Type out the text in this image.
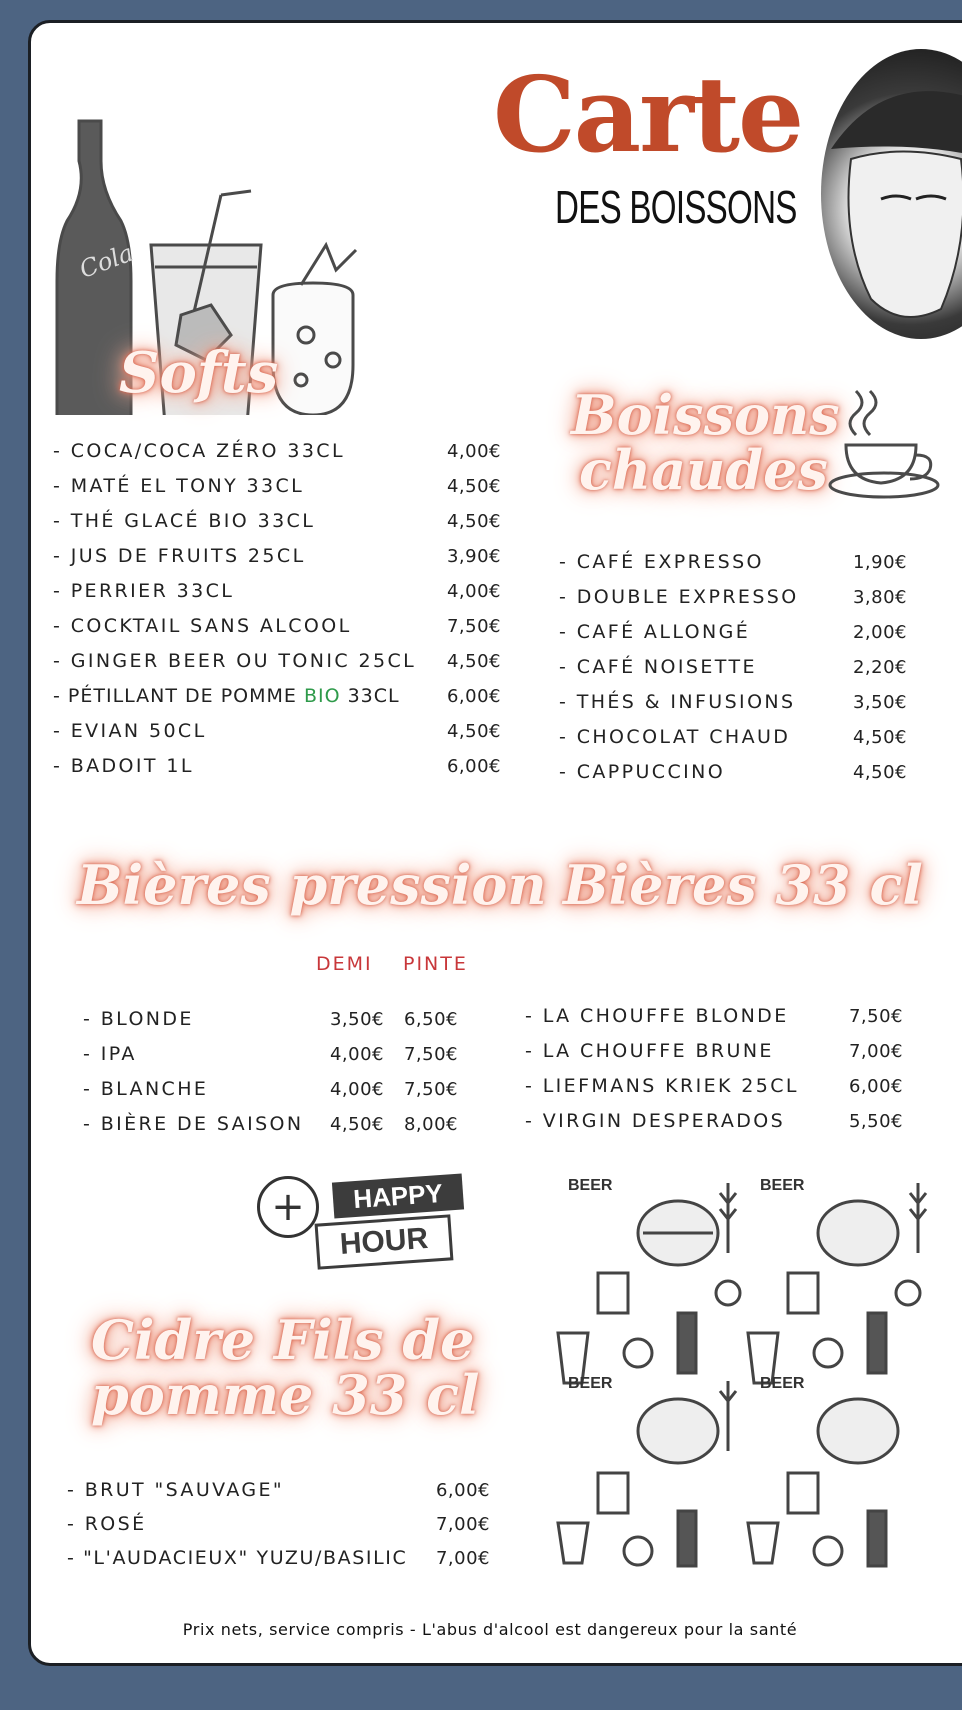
Cola
Carte
DES BOISSONS
Softs
- COCA/COCA ZÉRO 33CL	4,00€
- MATÉ EL TONY 33CL	4,50€
- THÉ GLACÉ BIO 33CL	4,50€
- JUS DE FRUITS 25CL	3,90€
- PERRIER 33CL	4,00€
- COCKTAIL SANS ALCOOL	7,50€
- GINGER BEER OU TONIC 25CL 4,50€
- PÉTILLANT DE POMME BIO 33CL	6,00€
- EVIAN 50CL	4,50€
- BADOIT 1L	6,00€
Boissons
chaudes
- CAFÉ EXPRESSO	1,90€
- DOUBLE EXPRESSO	3,80€
- CAFÉ ALLONGÉ	2,00€
- CAFÉ NOISETTE	2,20€
- THÉS & INFUSIONS	3,50€
- CHOCOLAT CHAUD	4,50€
- CAPPUCCINO	4,50€
Bières pression
DEMI PINTE
- BLONDE	3,50€ 6,50€
- IPA	4,00€ 7,50€
- BLANCHE	4,00€ 7,50€
- BIÈRE DE SAISON 4,50€ 8,00€
Bières 33 cl
- LA CHOUFFE BLONDE	7,50€
- LA CHOUFFE BRUNE	7,00€
- LIEFMANS KRIEK 25CL	6,00€
- VIRGIN DESPERADOS	5,50€
+	HAPPY
HOUR
BEER	BEER
BEER	BEER
Cidre Fils de
pomme 33 cl
- BRUT "SAUVAGE"	6,00€
- ROSÉ	7,00€
- "L'AUDACIEUX" YUZU/BASILIC 7,00€
Prix nets, service compris - L'abus d'alcool est dangereux pour la santé
